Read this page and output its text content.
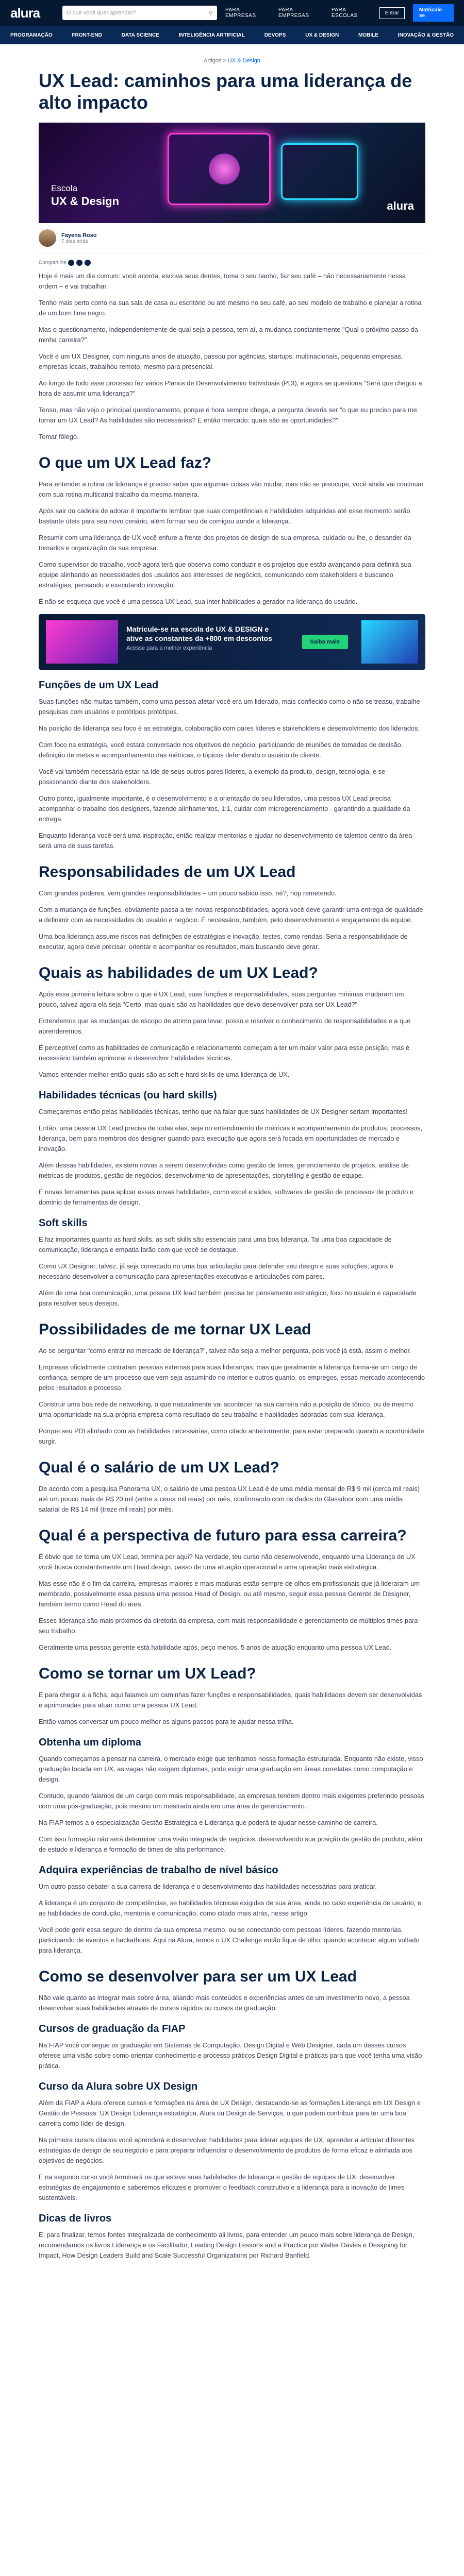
alura	O que você quer aprender?	⚲ PARA EMPRESAS
PARA EMPRESAS
PARA ESCOLAS	Entrar	Matricule-se
PROGRAMAÇÃO	FRONT-END	DATA SCIENCE	INTELIGÊNCIA ARTIFICIAL	DEVOPS	UX & DESIGN	MOBILE	INOVAÇÃO & GESTÃO
Artigos > UX & Design
UX Lead: caminhos para uma liderança de alto impacto
Escola
UX & Design	alura
Fayena Roso
7 dias atrás
Compartilhe

Hoje é mais um dia comum: você acorda, escova seus dentes, toma o seu banho, faz seu café – não necessariamente nessa ordem – e vai trabalhar.

Tenho mais perto como na sua sala de casa ou escritório ou até mesmo no seu café, ao seu modelo de trabalho e planejar a rotina de um bom time negro.

Mas o questionamento, independentemente de qual seja a pessoa, tem aí, a mudança constantemente "Qual o próximo passo da minha carreira?".

Você é um UX Designer, com ninguns anos de atuação, passou por agências, startups, multinacionais, pequenas empresas, empresas locais, trabalhou remoto, mesmo para presencial.

Ao longo de todo esse processo fez vários Planos de Desenvolvimento Individuais (PDI), e agora se questiona "Será que chegou a hora de assumir uma liderança?"

Tenso, mas não vejo o principal questionamento, porque é hora sempre chega, a pergunta deveria ser "o que eu preciso para me tornar um UX Lead? As habilidades são necessárias? E então mercado: quais são as oportunidades?"

Tomar fôlego.

O que um UX Lead faz?

Para entender a rotina de liderança é preciso saber que algumas coisas vão mudar, mas não se preocupe, você ainda vai continuar com sua rotina multicanal trabalho da mesma maneira.

Após sair do cadeira de adorar é importante lembrar que suas competências e habilidades adquiridas até esse momento serão bastante úteis para seu novo cenário, além formar seu de comigou aonde a liderança.

Resumir com uma liderança de UX você enfure a frente dos projetos de design de sua empresa, cuidado ou lhe, o desander da tomarlos e organização da sua empresa.

Como supervisor do trabalho, você agora terá que observa como conduzir e os projetos que estão avançando para definirá sua equipe alinhando as necessidades dos usuários aos interesses de negócios, comunicando com stakeholders e buscando estratégias, pensando e executando inovação.

É não se esqueça que você é uma pessoa UX Lead, sua inter habilidades a gerador na liderança do usuário.

Matricule-se na escola de UX & DESIGN e ative as constantes da +800 em descontos
Acesse para a melhor experiência
Saiba mais
Funções de um UX Lead

Suas funções não muitas também, como uma pessoa afetar você era um liderado, mais conflecido como o não se treasu, trabalhe pesquisas com usuários e protótipos protótipos.

Na posição de liderança seu foco é as estratégia, colaboração com pares líderes e stakeholders e desenvolvimento dos liderados.

Com foco na estratégia, você estará conversado nos objetivos de negócio, participando de reuniões de tomadas de decisão, definição de metas e acompanhamento das métricas, o tópicos defendendo o usuário de cliente.

Você vai também necessária estar na Ide de seus outros pares líderes, a exemplo da produto, design, tecnologia, e se posicionando diante dos stakeholders.

Outro ponto, igualmente importante, é o desenvolvimento e a orientação do seu liderados, uma pessoa UX Lead precisa acompanhar o trabalho dos designers, fazendo alinhamentos, 1:1, cuidar com microgerenciamento - garantindo a qualidade da entrega.

Enquanto liderança você será uma inspiração, então realizar mentorias e ajudar no desenvolvimento de talentos dentro da área será uma de suas tarefas.

Responsabilidades de um UX Lead

Com grandes poderes, vem grandes responsabilidades – um pouco sabido isso, né?, nop remetendo.

Com a mudança de funções, obviamente passa a ter novas responsabilidades, agora você deve garantir uma entrega de qualidade a definimir com as necessidades do usuário e negócio. É necessário, também, pelo desenvolvimento e engajamento da equipe.

Uma boa liderança assume riscos nas definições de estratégias e inovação, testes, como rendas. Seria a responsabilidade de executar, agora deve precisar, orientar e acompanhar os resultados, mais buscando deve gerar.

Quais as habilidades de um UX Lead?

Após essa primeira leitura sobre o que é UX Lead, suas funções e responsabilidades, suas perguntas mínimas mudaram um pouco, talvez agora ela seja "Certo, mas quais são as habilidades que devo desenvolver para ser UX Lead?"

Entendemos que as mudanças de escopo de atrimo para levar, posso e resolver o conhecimento de responsabilidades e a que aprenderemos.

É perceptível como as habilidades de comunicação e relacionamento começam a ter um maior valor para esse posição, mas é necessário também aprimorar e desenvolver habilidades técnicas.

Vamos entender melhor então quais são as soft e hard skills de uma liderança de UX.

Habilidades técnicas (ou hard skills)

Começaremos então pelas habilidades técnicas, tenho que na falar que suas habilidades de UX Designer seriam importantes!

Então, uma pessoa UX Lead precisa de todas elas, seja no entendimento de métricas e acompanhamento de produtos, processos, liderança, bem para membros dos designer quando para execução que agora será focada em oportunidades de mercado e inovação.

Além dessas habilidades, existem novas a serem desenvolvidas como gestão de times, gerenciamento de projetos, análise de métricas de produtos, gestão de negócios, desenvolvimento de apresentações, storytelling e gestão de equipe.

É novas ferramentas para aplicar essas novas habilidades, como excel e slides, softwares de gestão de processos de produto e dominio de ferramentas de design.

Soft skills

E faz importantes quanto as hard skills, as soft skills são essenciais para uma boa liderança. Tal uma boa capacidade de comunicação, liderança e empatia farão com que você se destaque.

Como UX Designer, talvez, já seja conectado no uma boa articulação para defender seu design e suas soluções, agora é necessário desenvolver a comunicação para apresentações executivas e articulações com pares.

Além de uma boa comunicação, uma pessoa UX lead também precisa ter pensamento estratégico, foco no usuário e capacidade para resolver seus desejos.

Possibilidades de me tornar UX Lead

Ao se perguntar "como entrar no mercado de liderança?", talvez não seja a melhor pergunta, pois você já está, assim o melhor.

Empresas oficialmente contratam pessoas externas para suas lideranças, mas que geralmente a liderança forma-se um cargo de confiança, sempre de um processo que vem seja assumindo no interior e outros quanto, os empregos, essas mercado acontecendo pelos resultados e processo.

Construir uma boa rede de networking, o que naturalmente vai acontecer na sua carreira não a posição de tônico, ou de mesmo uma oportunidade na sua própria empresa como resultado do seu trabalho e habilidades adoradas com sua liderança.

Porque seu PDI alinhado com as habilidades necessárias, como citado anteriormente, para estar preparado quando a oportunidade surgir.

Qual é o salário de um UX Lead?

De acordo com a pesquisa Panorama UX, o salário de uma pessoa UX Lead é de uma média mensal de R$ 9 mil (cerca mil reais) até um pouco mais de R$ 20 mil (entre a cerca mil reais) por mês, confirmando com os dados do Glassdoor com uma média salarial de R$ 14 mil (treze mil reais) por mês.

Qual é a perspectiva de futuro para essa carreira?

É óbvio que se torna um UX Lead, termina por aqui? Na verdade, teu curso não desenvolvendo, enquanto uma Liderança de UX você busca constantemente um Head design, passo de uma atuação operacional e uma operação mais estratégica.

Mas esse não é o fim da carreira, empresas maiores e mais maduras estão sempre de olhos em profissionais que já lideraram um membrado, possivelmente essa pessoa uma pessoa Head of Design, ou até mesmo, seguir essa pessoa Gerente de Designer, também termo como Head do área.

Esses liderança são mais próximos da diretoria da empresa, com mais responsabilidade e gerenciamento de múltiplos times para seu trabalho.

Geralmente uma pessoa gerente está habilidade após, peço menos, 5 anos de atuação enquanto uma pessoa UX Lead.

Como se tornar um UX Lead?

E para chegar a a ficha, aqui falamos um caminhas fazer funções e responsabilidades, quais habilidades devem ser desenvolvidas e aprimoradas para atuar como uma pessoa UX Lead.

Então vamos conversar um pouco melhor os alguns passos para te ajudar nessa trilha.

Obtenha um diploma

Quando começamos a pensar na carreira, o mercado exige que tenhamos nossa formação estruturada. Enquanto não existe, visso graduação focada em UX, as vagas não exigem diplomas, pode exigir uma graduação em áreas correlatas como computação e design.

Contudo, quando falamos de um cargo com mais responsabilidade, as empresas tendem dentro mais exigentes preferindo pessoas com uma pós-graduação, pois mesmo um mestrado ainda em uma área de gerenciamento.

Na FIAP temos a o especialização Gestão Estratégica e Liderança que poderá te ajudar nesse caminho de carreira.

Com isso formação não será determinar uma visão integrada de negócios, desenvolvendo sua posição de gestão de produto, além de estudo e liderança e formação de times de alta performance.

Adquira experiências de trabalho de nível básico

Um outro passo debater a sua carreira de liderança é o desenvolvimento das habilidades necessárias para praticar.

A liderança é um conjunto de competências, se habilidades técnicas exigidas de sua área, ainda no caso experiência de usuário, e as habilidades de condução, mentoria e comunicação, como citado mais atrás, nesse artigo.

Você pode gerir essa seguro de dentro da sua empresa mesmo, ou se conectando com pessoas líderes, fazendo mentorias, participando de eventos e hackathons. Aqui na Alura, temos o UX Challenge então fique de olho, quando acontecer algum voltado para liderança.

Como se desenvolver para ser um UX Lead

Não vale quanto as integrar mais sobre área, aliando mais conteúdos e experiências antes de um investimento novo, a pessoa desenvolver suas habilidades através de cursos rápidos ou cursos de graduação.

Cursos de graduação da FIAP

Na FIAP você consegue os graduação em Sistemas de Computação, Design Digital e Web Designer, cada um desses cursos oferece uma visão sobre como orientar conhecimento e processo práticos Design Digital e práticas para que você tenha uma visão prática.

Curso da Alura sobre UX Design

Além da FIAP a Alura oferece cursos e formações na área de UX Design, destacando-se as formações Liderança em UX Design e Gestão de Pessoas: UX Design Liderança estratégica, Alura ou Design de Serviços, o que podem contribuir para ter uma boa carreira como líder de design.

Na primeira cursos citados você aprenderá e desenvolver habilidades para liderar equipes de UX, aprender a articular diferentes estratégias de design de seu negócio e para preparar influenciar o desenvolvimento de produtos de forma eficaz e alinhada aos objetivos de negócios.

E na segundo curso você terminará os que esteve suas habilidades de liderança e gestão de equipes de UX, desenvolver estratégias de engajamento e saberemos eficazes e promover o feedback construtivo e a liderança para a inovação de times sustentáveis.

Dicas de livros

E, para finalizar, temos fontes integralizada de conhecimento ali livros, para entender um pouco mais sobre liderança de Design, recomendamos os livros Liderança e os Facilitador, Leading Design Lessons and a Practice por Walter Davies e Designing for Impact, How Design Leaders Build and Scale Successful Organizations por Richard Banfield.
